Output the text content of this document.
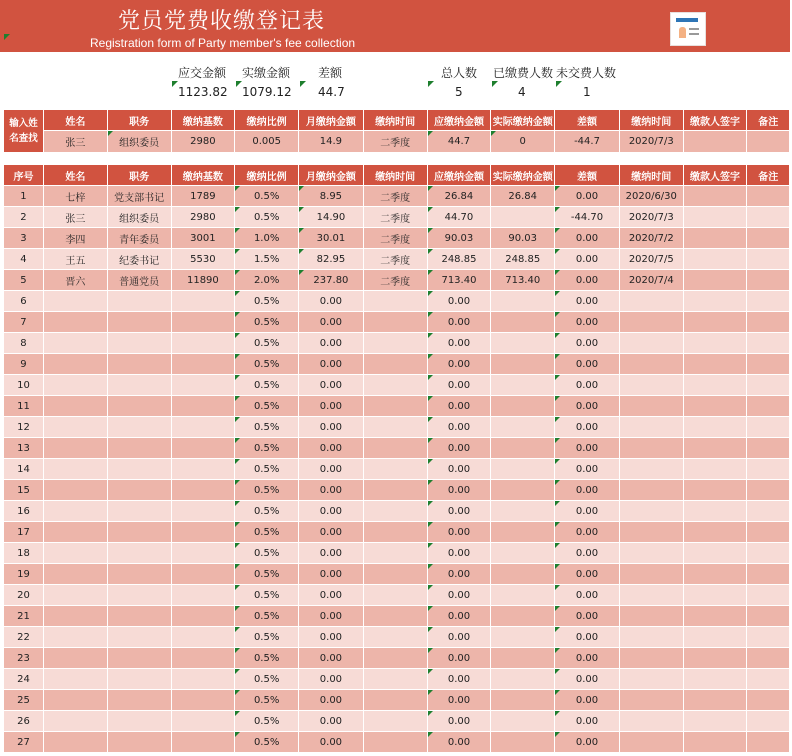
党员党费收缴登记表
Registration form of Party member's fee collection
应交金额
1123.82
实缴金额
1079.12
差额
44.7
总人数
5
已缴费人数
4
未交费人数
1
输入姓
名查找	姓名	职务	缴纳基数	缴纳比例	月缴纳金额	缴纳时间	应缴纳金额	实际缴纳金额	差额	缴纳时间	缴款人签字	备注
	张三	组织委员	2980	0.005	14.9	二季度	44.7	0	-44.7	2020/7/3		
序号	姓名	职务	缴纳基数	缴纳比例	月缴纳金额	缴纳时间	应缴纳金额	实际缴纳金额	差额	缴纳时间	缴款人签字	备注
1	七梓	党支部书记	1789	0.5%	8.95	二季度	26.84	26.84	0.00	2020/6/30		
2	张三	组织委员	2980	0.5%	14.90	二季度	44.70		-44.70	2020/7/3		
3	李四	青年委员	3001	1.0%	30.01	二季度	90.03	90.03	0.00	2020/7/2		
4	王五	纪委书记	5530	1.5%	82.95	二季度	248.85	248.85	0.00	2020/7/5		
5	晋六	普通党员	11890	2.0%	237.80	二季度	713.40	713.40	0.00	2020/7/4		
6				0.5%	0.00		0.00		0.00			
7				0.5%	0.00		0.00		0.00			
8				0.5%	0.00		0.00		0.00			
9				0.5%	0.00		0.00		0.00			
10				0.5%	0.00		0.00		0.00			
11				0.5%	0.00		0.00		0.00			
12				0.5%	0.00		0.00		0.00			
13				0.5%	0.00		0.00		0.00			
14				0.5%	0.00		0.00		0.00			
15				0.5%	0.00		0.00		0.00			
16				0.5%	0.00		0.00		0.00			
17				0.5%	0.00		0.00		0.00			
18				0.5%	0.00		0.00		0.00			
19				0.5%	0.00		0.00		0.00			
20				0.5%	0.00		0.00		0.00			
21				0.5%	0.00		0.00		0.00			
22				0.5%	0.00		0.00		0.00			
23				0.5%	0.00		0.00		0.00			
24				0.5%	0.00		0.00		0.00			
25				0.5%	0.00		0.00		0.00			
26				0.5%	0.00		0.00		0.00			
27				0.5%	0.00		0.00		0.00			
